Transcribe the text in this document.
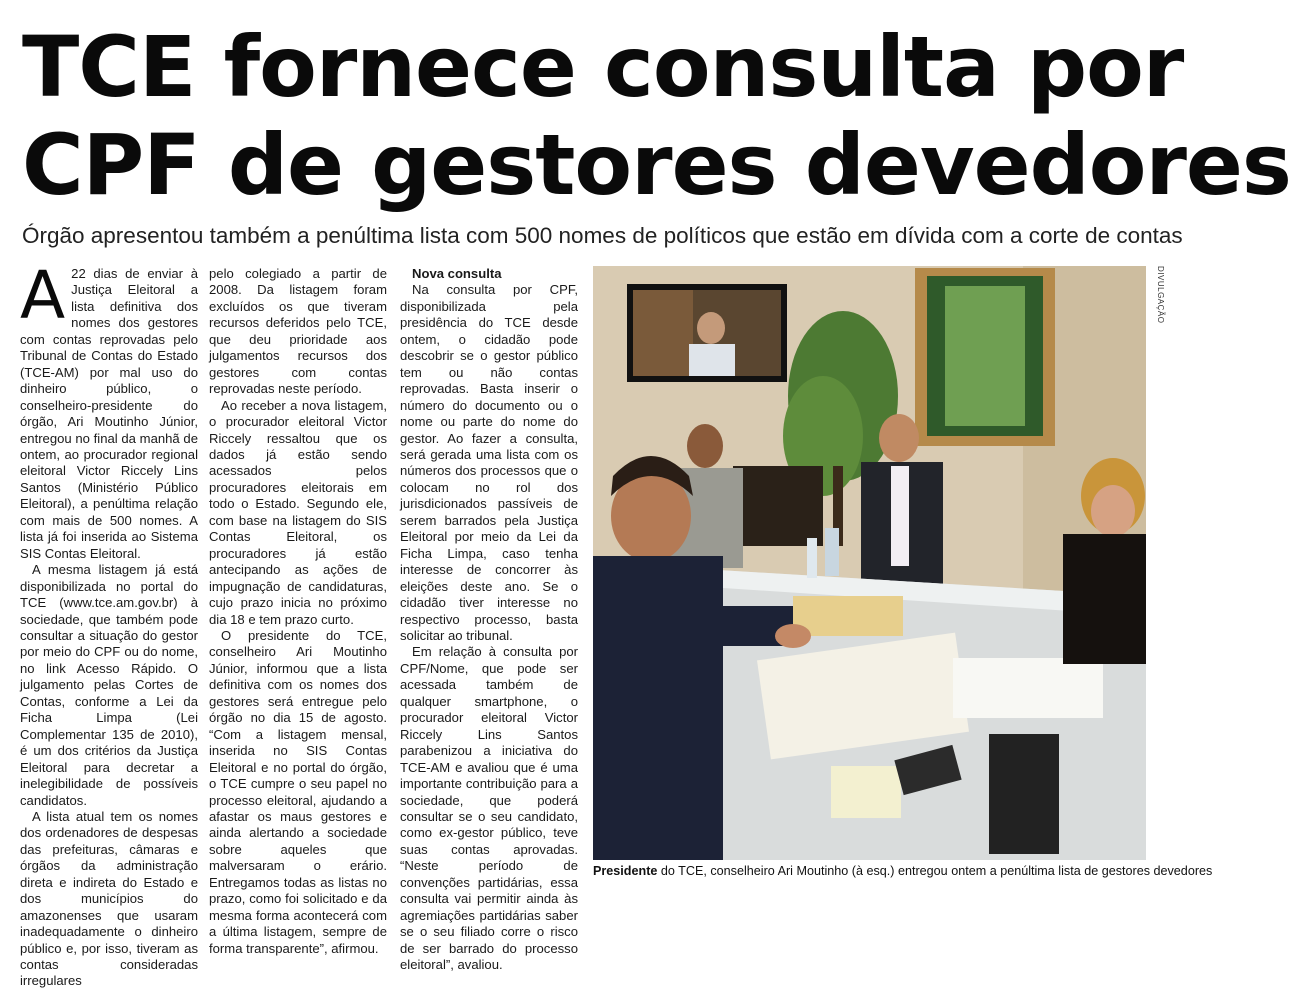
TCE fornece consulta por
CPF de gestores devedores
Órgão apresentou também a penúltima lista com 500 nomes de políticos que estão em dívida com a corte de contas

A 22 dias de enviar à Justiça Eleitoral a lista definitiva dos nomes dos gestores com contas reprovadas pelo Tribunal de Contas do Estado (TCE-AM) por mal uso do dinheiro público, o conselheiro-presidente do órgão, Ari Moutinho Júnior, entregou no final da manhã de ontem, ao procurador regional eleitoral Victor Riccely Lins Santos (Ministério Público Eleitoral), a penúltima relação com mais de 500 nomes. A lista já foi inserida ao Sistema SIS Contas Eleitoral.

A mesma listagem já está disponibilizada no portal do TCE (www.tce.am.gov.br) à sociedade, que também pode consultar a situação do gestor por meio do CPF ou do nome, no link Acesso Rápido. O julgamento pelas Cortes de Contas, conforme a Lei da Ficha Limpa (Lei Complementar 135 de 2010), é um dos critérios da Justiça Eleitoral para decretar a inelegibilidade de possíveis candidatos.

A lista atual tem os nomes dos ordenadores de despesas das prefeituras, câmaras e órgãos da administração direta e indireta do Estado e dos municípios do amazonenses que usaram inadequadamente o dinheiro público e, por isso, tiveram as contas consideradas irregulares

pelo colegiado a partir de 2008. Da listagem foram excluídos os que tiveram recursos deferidos pelo TCE, que deu prioridade aos julgamentos recursos dos gestores com contas reprovadas neste período.

Ao receber a nova listagem, o procurador eleitoral Victor Riccely ressaltou que os dados já estão sendo acessados pelos procuradores eleitorais em todo o Estado. Segundo ele, com base na listagem do SIS Contas Eleitoral, os procuradores já estão antecipando as ações de impugnação de candidaturas, cujo prazo inicia no próximo dia 18 e tem prazo curto.

O presidente do TCE, conselheiro Ari Moutinho Júnior, informou que a lista definitiva com os nomes dos gestores será entregue pelo órgão no dia 15 de agosto. “Com a listagem mensal, inserida no SIS Contas Eleitoral e no portal do órgão, o TCE cumpre o seu papel no processo eleitoral, ajudando a afastar os maus gestores e ainda alertando a sociedade sobre aqueles que malversaram o erário. Entregamos todas as listas no prazo, como foi solicitado e da mesma forma acontecerá com a última listagem, sempre de forma transparente”, afirmou.

Nova consulta

Na consulta por CPF, disponibilizada pela presidência do TCE desde ontem, o cidadão pode descobrir se o gestor público tem ou não contas reprovadas. Basta inserir o número do documento ou o nome ou parte do nome do gestor. Ao fazer a consulta, será gerada uma lista com os números dos processos que o colocam no rol dos jurisdicionados passíveis de serem barrados pela Justiça Eleitoral por meio da Lei da Ficha Limpa, caso tenha interesse de concorrer às eleições deste ano. Se o cidadão tiver interesse no respectivo processo, basta solicitar ao tribunal.

Em relação à consulta por CPF/Nome, que pode ser acessada também de qualquer smartphone, o procurador eleitoral Victor Riccely Lins Santos parabenizou a iniciativa do TCE-AM e avaliou que é uma importante contribuição para a sociedade, que poderá consultar se o seu candidato, como ex-gestor público, teve suas contas aprovadas. “Neste período de convenções partidárias, essa consulta vai permitir ainda às agremiações partidárias saber se o seu filiado corre o risco de ser barrado do processo eleitoral”, avaliou.

DIVULGAÇÃO
Presidente do TCE, conselheiro Ari Moutinho (à esq.) entregou ontem a penúltima lista de gestores devedores
